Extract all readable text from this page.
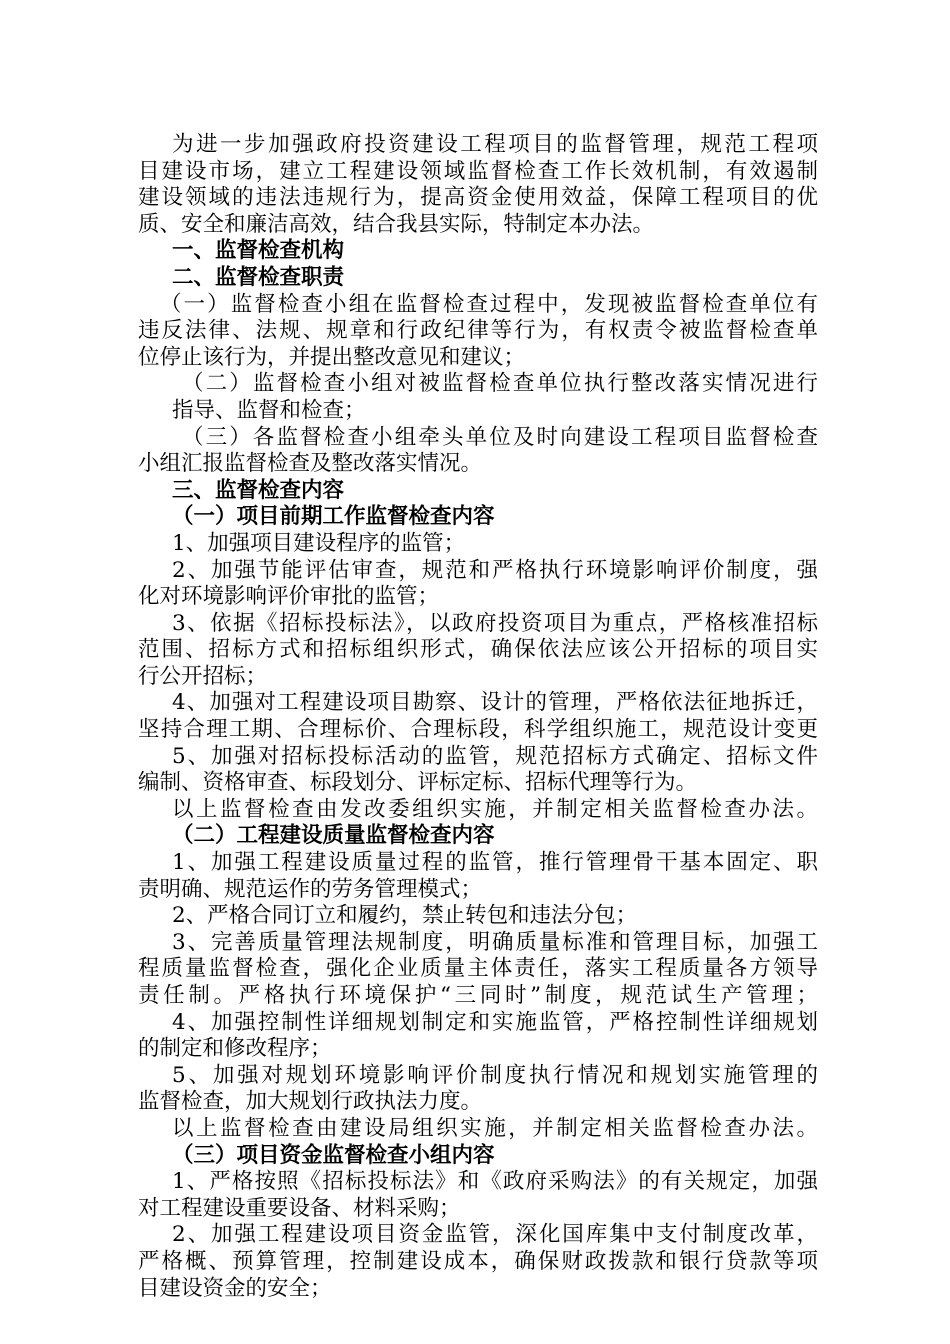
为进一步加强政府投资建设工程项目的监督管理，规范工程项
目建设市场，建立工程建设领域监督检查工作长效机制，有效遏制
建设领域的违法违规行为，提高资金使用效益，保障工程项目的优
质、安全和廉洁高效，结合我县实际，特制定本办法。
一、监督检查机构
二、监督检查职责
（一）监督检查小组在监督检查过程中，发现被监督检查单位有
违反法律、法规、规章和行政纪律等行为，有权责令被监督检查单
位停止该行为，并提出整改意见和建议；
（二）监督检查小组对被监督检查单位执行整改落实情况进行
指导、监督和检查；
（三）各监督检查小组牵头单位及时向建设工程项目监督检查
小组汇报监督检查及整改落实情况。
三、监督检查内容
（一）项目前期工作监督检查内容
1、加强项目建设程序的监管；
2、加强节能评估审查，规范和严格执行环境影响评价制度，强
化对环境影响评价审批的监管；
3、依据《招标投标法》，以政府投资项目为重点，严格核准招标
范围、招标方式和招标组织形式，确保依法应该公开招标的项目实
行公开招标；
4、加强对工程建设项目勘察、设计的管理，严格依法征地拆迁，
坚持合理工期、合理标价、合理标段，科学组织施工，规范设计变更
5、加强对招标投标活动的监管，规范招标方式确定、招标文件
编制、资格审查、标段划分、评标定标、招标代理等行为。
以上监督检查由发改委组织实施，并制定相关监督检查办法。
（二）工程建设质量监督检查内容
1、加强工程建设质量过程的监管，推行管理骨干基本固定、职
责明确、规范运作的劳务管理模式；
2、严格合同订立和履约，禁止转包和违法分包；
3、完善质量管理法规制度，明确质量标准和管理目标，加强工
程质量监督检查，强化企业质量主体责任，落实工程质量各方领导
责任制。严格执行环境保护“三同时”制度，规范试生产管理；
4、加强控制性详细规划制定和实施监管，严格控制性详细规划
的制定和修改程序；
5、加强对规划环境影响评价制度执行情况和规划实施管理的
监督检查，加大规划行政执法力度。
以上监督检查由建设局组织实施，并制定相关监督检查办法。
（三）项目资金监督检查小组内容
1、严格按照《招标投标法》和《政府采购法》的有关规定，加强
对工程建设重要设备、材料采购；
2、加强工程建设项目资金监管，深化国库集中支付制度改革，
严格概、预算管理，控制建设成本，确保财政拨款和银行贷款等项
目建设资金的安全；
